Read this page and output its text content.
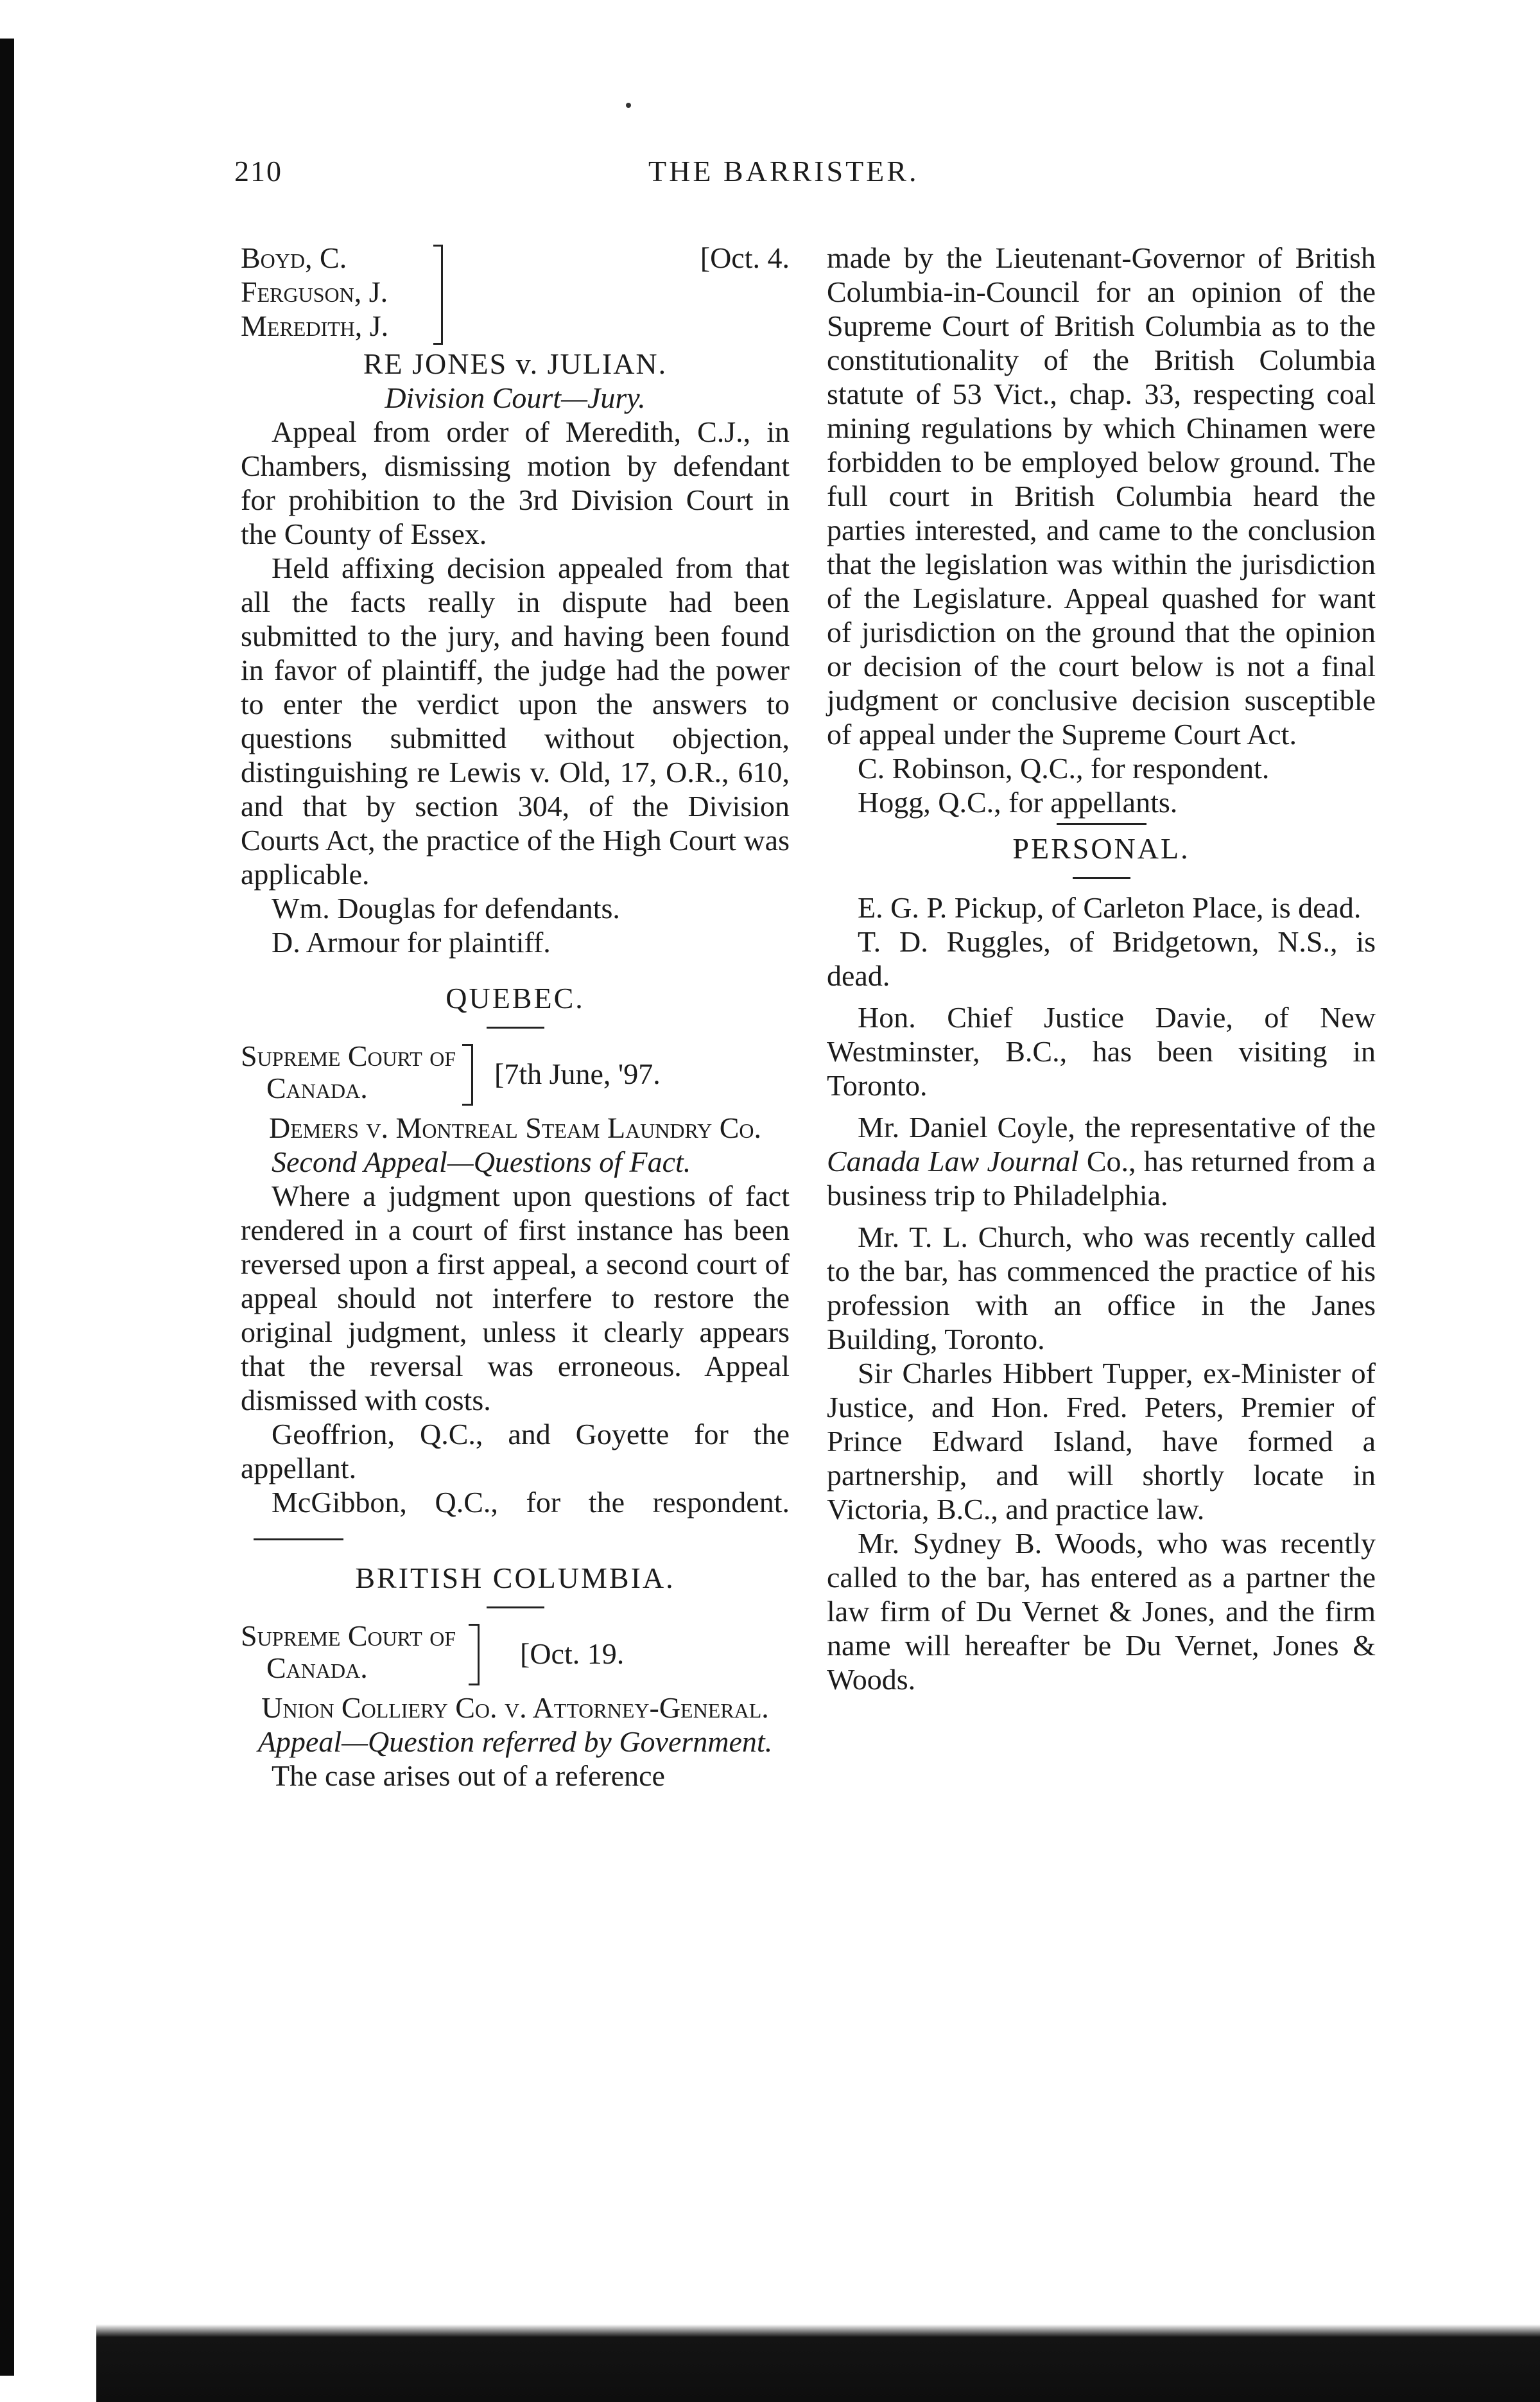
210	THE BARRISTER.
Boyd, C.
Ferguson, J.
Meredith, J.
[Oct. 4.

RE JONES v. JULIAN.

Division Court—Jury.

Appeal from order of Meredith, C.J., in Chambers, dismissing motion by defendant for prohibition to the 3rd Division Court in the County of Essex.

Held affixing decision appealed from that all the facts really in dispute had been submitted to the jury, and having been found in favor of plaintiff, the judge had the power to enter the verdict upon the answers to questions submitted without objection, distinguishing re Lewis v. Old, 17, O.R., 610, and that by section 304, of the Division Courts Act, the practice of the High Court was applicable.

Wm. Douglas for defendants.

D. Armour for plaintiff.

QUEBEC.

Supreme Court of
Canada.	[7th June, '97.

Demers v. Montreal Steam Laundry Co.

Second Appeal—Questions of Fact.

Where a judgment upon questions of fact rendered in a court of first instance has been reversed upon a first appeal, a second court of appeal should not interfere to restore the original judgment, unless it clearly appears that the reversal was erroneous. Appeal dismissed with costs.

Geoffrion, Q.C., and Goyette for the appellant.

McGibbon, Q.C., for the respondent.

BRITISH COLUMBIA.

Supreme Court of
Canada.	[Oct. 19.

Union Colliery Co. v. Attorney-General.

Appeal—Question referred by Government.

The case arises out of a reference

made by the Lieutenant-Governor of British Columbia-in-Council for an opinion of the Supreme Court of British Columbia as to the constitutionality of the British Columbia statute of 53 Vict., chap. 33, respecting coal mining regulations by which Chinamen were forbidden to be employed below ground. The full court in British Columbia heard the parties interested, and came to the conclusion that the legislation was within the jurisdiction of the Legislature. Appeal quashed for want of jurisdiction on the ground that the opinion or decision of the court below is not a final judgment or conclusive decision susceptible of appeal under the Supreme Court Act.

C. Robinson, Q.C., for respondent.

Hogg, Q.C., for appellants.

PERSONAL.

E. G. P. Pickup, of Carleton Place, is dead.

T. D. Ruggles, of Bridgetown, N.S., is dead.

Hon. Chief Justice Davie, of New Westminster, B.C., has been visiting in Toronto.

Mr. Daniel Coyle, the representative of the Canada Law Journal Co., has returned from a business trip to Philadelphia.

Mr. T. L. Church, who was recently called to the bar, has commenced the practice of his profession with an office in the Janes Building, Toronto.

Sir Charles Hibbert Tupper, ex-Minister of Justice, and Hon. Fred. Peters, Premier of Prince Edward Island, have formed a partnership, and will shortly locate in Victoria, B.C., and practice law.

Mr. Sydney B. Woods, who was recently called to the bar, has entered as a partner the law firm of Du Vernet & Jones, and the firm name will hereafter be Du Vernet, Jones & Woods.
